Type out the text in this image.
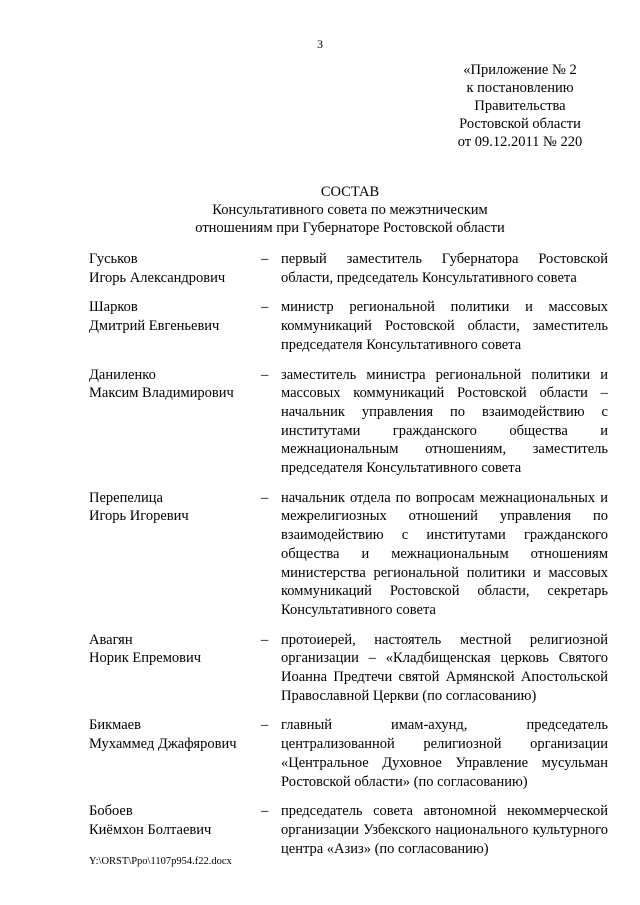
3
«Приложение № 2
к постановлению
Правительства
Ростовской области
от 09.12.2011 № 220
СОСТАВ
Консультативного совета по межэтническим
отношениям при Губернаторе Ростовской области
Гуськов
Игорь Александрович
– первый заместитель Губернатора Ростовской области, председатель Консультативного совета
Шарков
Дмитрий Евгеньевич
– министр региональной политики и массовых коммуникаций Ростовской области, заместитель председателя Консультативного совета
Даниленко
Максим Владимирович
– заместитель министра региональной политики и массовых коммуникаций Ростовской области – начальник управления по взаимодействию с институтами гражданского общества и межнациональным отношениям, заместитель председателя Консультативного совета
Перепелица
Игорь Игоревич
– начальник отдела по вопросам межнациональных и межрелигиозных отношений управления по взаимодействию с институтами гражданского общества и межнациональным отношениям министерства региональной политики и массовых коммуникаций Ростовской области, секретарь Консультативного совета
Авагян
Норик Епремович
– протоиерей, настоятель местной религиозной организации – «Кладбищенская церковь Святого Иоанна Предтечи святой Армянской Апостольской Православной Церкви (по согласованию)
Бикмаев
Мухаммед Джафярович
– главный имам-ахунд, председатель централизованной религиозной организации «Центральное Духовное Управление мусульман Ростовской области» (по согласованию)
Бобоев
Киёмхон Болтаевич
– председатель совета автономной некоммерческой организации Узбекского национального культурного центра «Азиз» (по согласованию)
Y:\ORST\Ppo\1107p954.f22.docx
